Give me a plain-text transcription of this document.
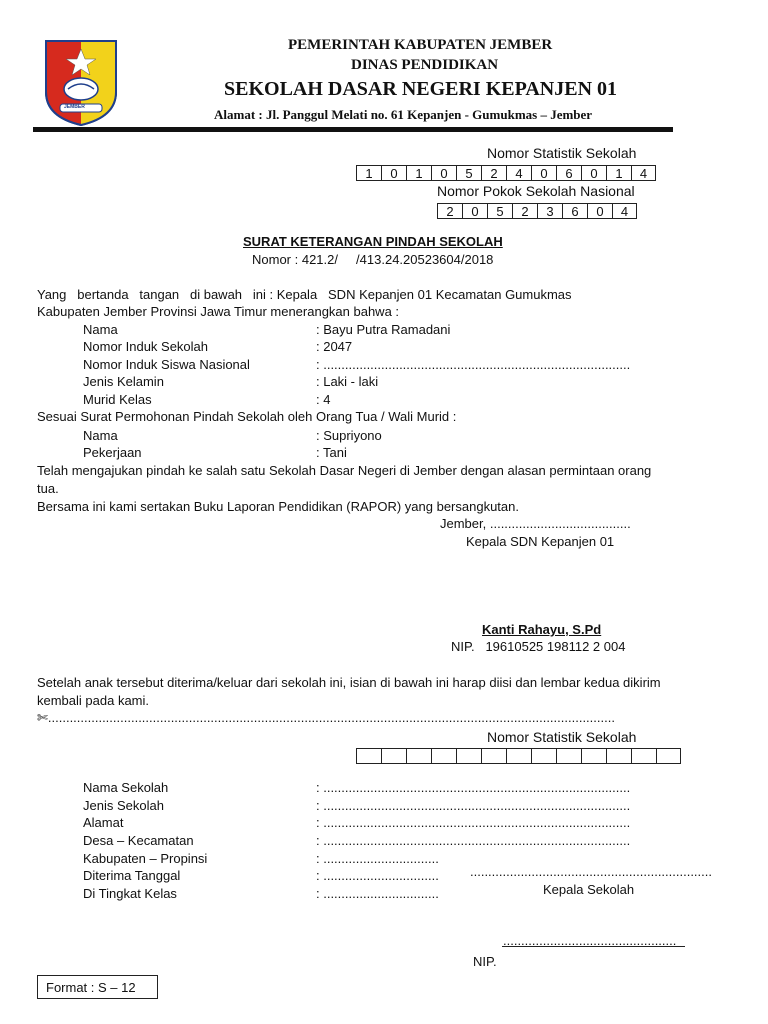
JEMBER
PEMERINTAH KABUPATEN JEMBER
DINAS PENDIDIKAN
SEKOLAH DASAR NEGERI KEPANJEN 01
Alamat : Jl. Panggul Melati no. 61 Kepanjen - Gumukmas – Jember
Nomor Statistik Sekolah
1	0	1	0	5	2	4	0	6	0	1	4
Nomor Pokok Sekolah Nasional
2	0	5	2	3	6	0	4
SURAT KETERANGAN PINDAH SEKOLAH
Nomor : 421.2/     /413.24.20523604/2018
Yang   bertanda   tangan   di bawah   ini : Kepala   SDN Kepanjen 01 Kecamatan Gumukmas
Kabupaten Jember Provinsi Jawa Timur menerangkan bahwa :
Nama	: Bayu Putra Ramadani
Nomor Induk Sekolah	: 2047
Nomor Induk Siswa Nasional	: .....................................................................................
Jenis Kelamin	: Laki - laki
Murid Kelas	: 4
Sesuai Surat Permohonan Pindah Sekolah oleh Orang Tua / Wali Murid :
Nama	: Supriyono
Pekerjaan	: Tani
Telah mengajukan pindah ke salah satu Sekolah Dasar Negeri di Jember dengan alasan permintaan orang
tua.
Bersama ini kami sertakan Buku Laporan Pendidikan (RAPOR) yang bersangkutan.
Jember, .......................................
Kepala SDN Kepanjen 01
Kanti Rahayu, S.Pd
NIP.   19610525 198112 2 004
Setelah anak tersebut diterima/keluar dari sekolah ini, isian di bawah ini harap diisi dan lembar kedua dikirim
kembali pada kami.
✄.............................................................................................................................................................
Nomor Statistik Sekolah
Nama Sekolah	: .....................................................................................
Jenis Sekolah	: .....................................................................................
Alamat	: .....................................................................................
Desa – Kecamatan	: .....................................................................................
Kabupaten – Propinsi	: ................................
Diterima Tanggal	: ................................
Di Tingkat Kelas	: ................................
...................................................................
Kepala Sekolah
................................................
NIP.
Format : S – 12
